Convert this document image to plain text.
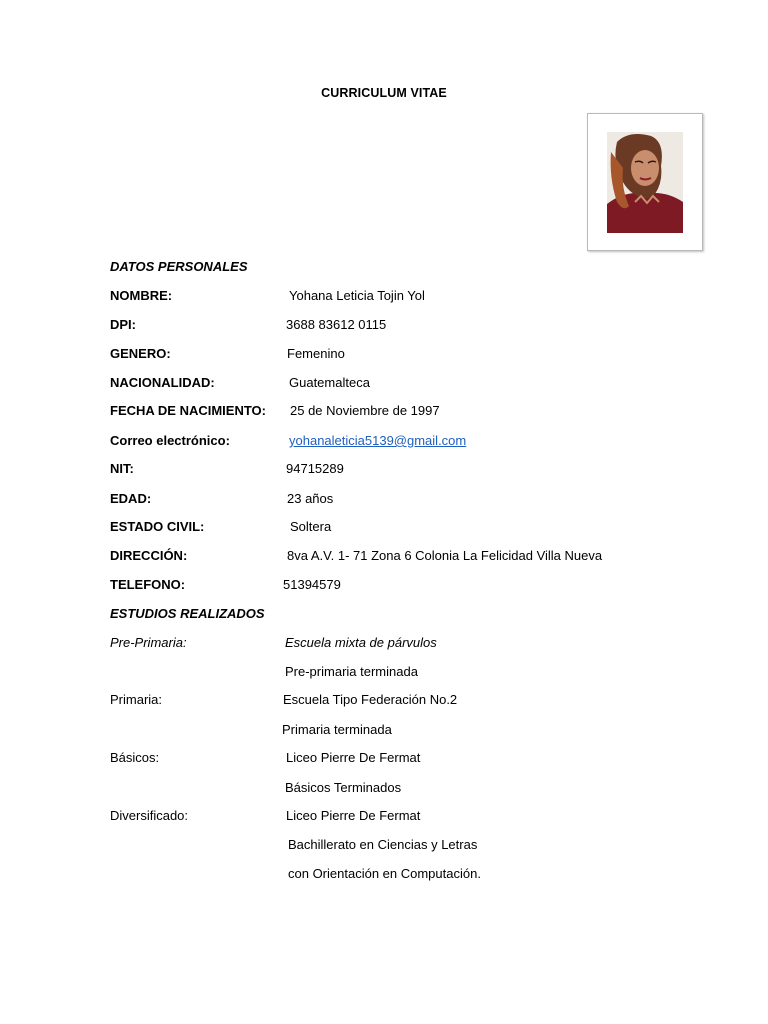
CURRICULUM VITAE
DATOS PERSONALES
NOMBRE:	Yohana Leticia Tojin Yol
DPI:	3688 83612 0115
GENERO:	Femenino
NACIONALIDAD:	Guatemalteca
FECHA DE NACIMIENTO: 25 de Noviembre de 1997
Correo electrónico:	yohanaleticia5139@gmail.com
NIT:	94715289
EDAD:	23 años
ESTADO CIVIL:	Soltera
DIRECCIÓN:	8va A.V. 1- 71 Zona 6 Colonia La Felicidad Villa Nueva
TELEFONO:	51394579
ESTUDIOS REALIZADOS
Pre-Primaria:	Escuela mixta de párvulos
Pre-primaria terminada
Primaria:	Escuela Tipo Federación No.2
Primaria terminada
Básicos:	Liceo Pierre De Fermat
Básicos Terminados
Diversificado:	Liceo Pierre De Fermat
Bachillerato en Ciencias y Letras
con Orientación en Computación.
